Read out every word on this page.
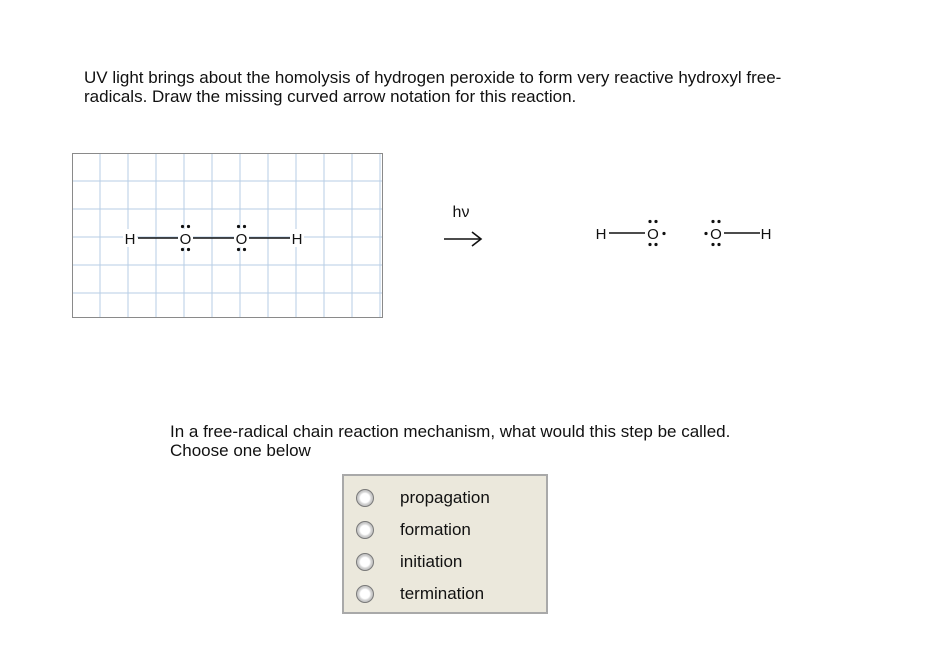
UV light brings about the homolysis of hydrogen peroxide to form very reactive hydroxyl free-
radicals. Draw the missing curved arrow notation for this reaction.

H	O	O	H
hν
H	O	O	H

In a free-radical chain reaction mechanism, what would this step be called.
Choose one below

propagation
formation
initiation
termination
